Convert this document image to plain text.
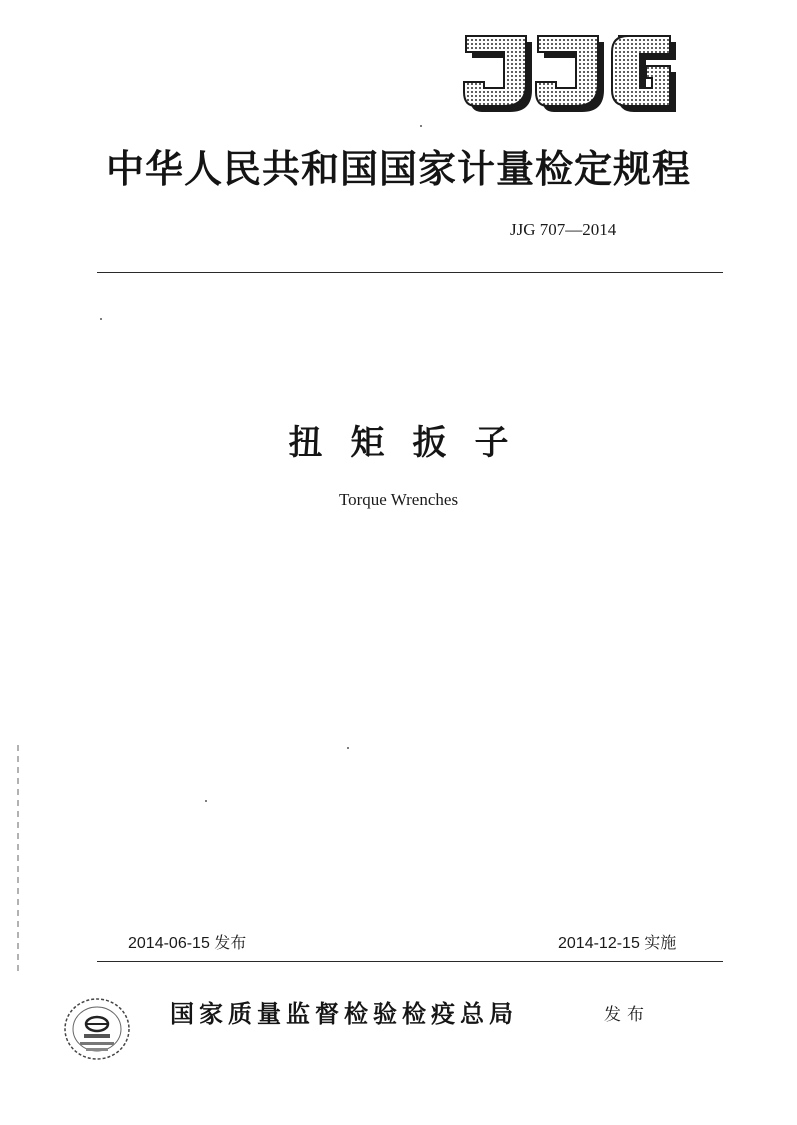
中华人民共和国国家计量检定规程
JJG 707—2014
扭矩扳子
Torque Wrenches
2014-06-15 发布	2014-12-15 实施
国家质量监督检验检疫总局	发布
